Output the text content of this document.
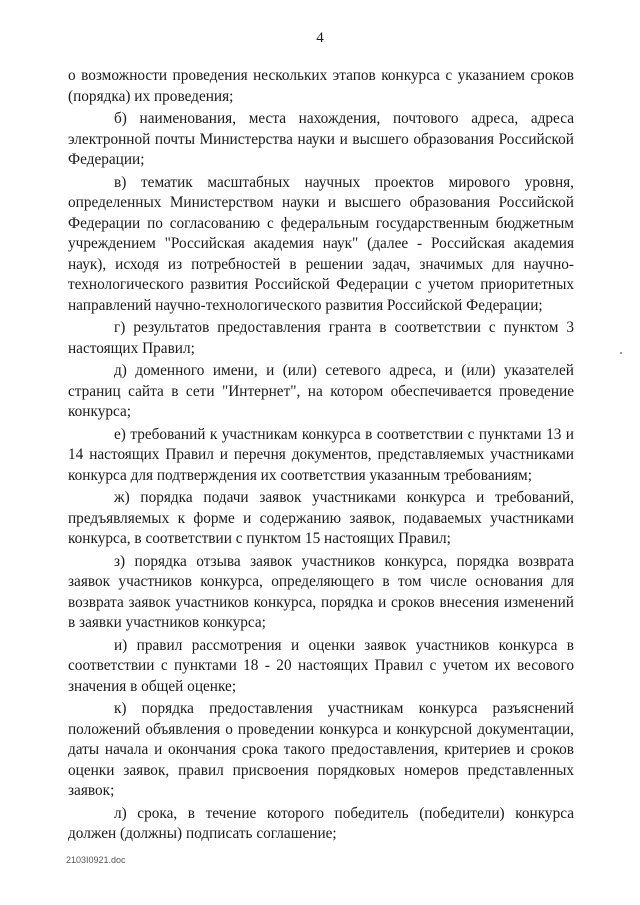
4

о возможности проведения нескольких этапов конкурса с указанием сроков (порядка) их проведения;

б) наименования, места нахождения, почтового адреса, адреса электронной почты Министерства науки и высшего образования Российской Федерации;

в) тематик масштабных научных проектов мирового уровня, определенных Министерством науки и высшего образования Российской Федерации по согласованию с федеральным государственным бюджетным учреждением "Российская академия наук" (далее - Российская академия наук), исходя из потребностей в решении задач, значимых для научно-технологического развития Российской Федерации с учетом приоритетных направлений научно-технологического развития Российской Федерации;

г) результатов предоставления гранта в соответствии с пунктом 3 настоящих Правил;

д) доменного имени, и (или) сетевого адреса, и (или) указателей страниц сайта в сети "Интернет", на котором обеспечивается проведение конкурса;

е) требований к участникам конкурса в соответствии с пунктами 13 и 14 настоящих Правил и перечня документов, представляемых участниками конкурса для подтверждения их соответствия указанным требованиям;

ж) порядка подачи заявок участниками конкурса и требований, предъявляемых к форме и содержанию заявок, подаваемых участниками конкурса, в соответствии с пунктом 15 настоящих Правил;

з) порядка отзыва заявок участников конкурса, порядка возврата заявок участников конкурса, определяющего в том числе основания для возврата заявок участников конкурса, порядка и сроков внесения изменений в заявки участников конкурса;

и) правил рассмотрения и оценки заявок участников конкурса в соответствии с пунктами 18 - 20 настоящих Правил с учетом их весового значения в общей оценке;

к) порядка предоставления участникам конкурса разъяснений положений объявления о проведении конкурса и конкурсной документации, даты начала и окончания срока такого предоставления, критериев и сроков оценки заявок, правил присвоения порядковых номеров представленных заявок;

л) срока, в течение которого победитель (победители) конкурса должен (должны) подписать соглашение;

2103I0921.doc
